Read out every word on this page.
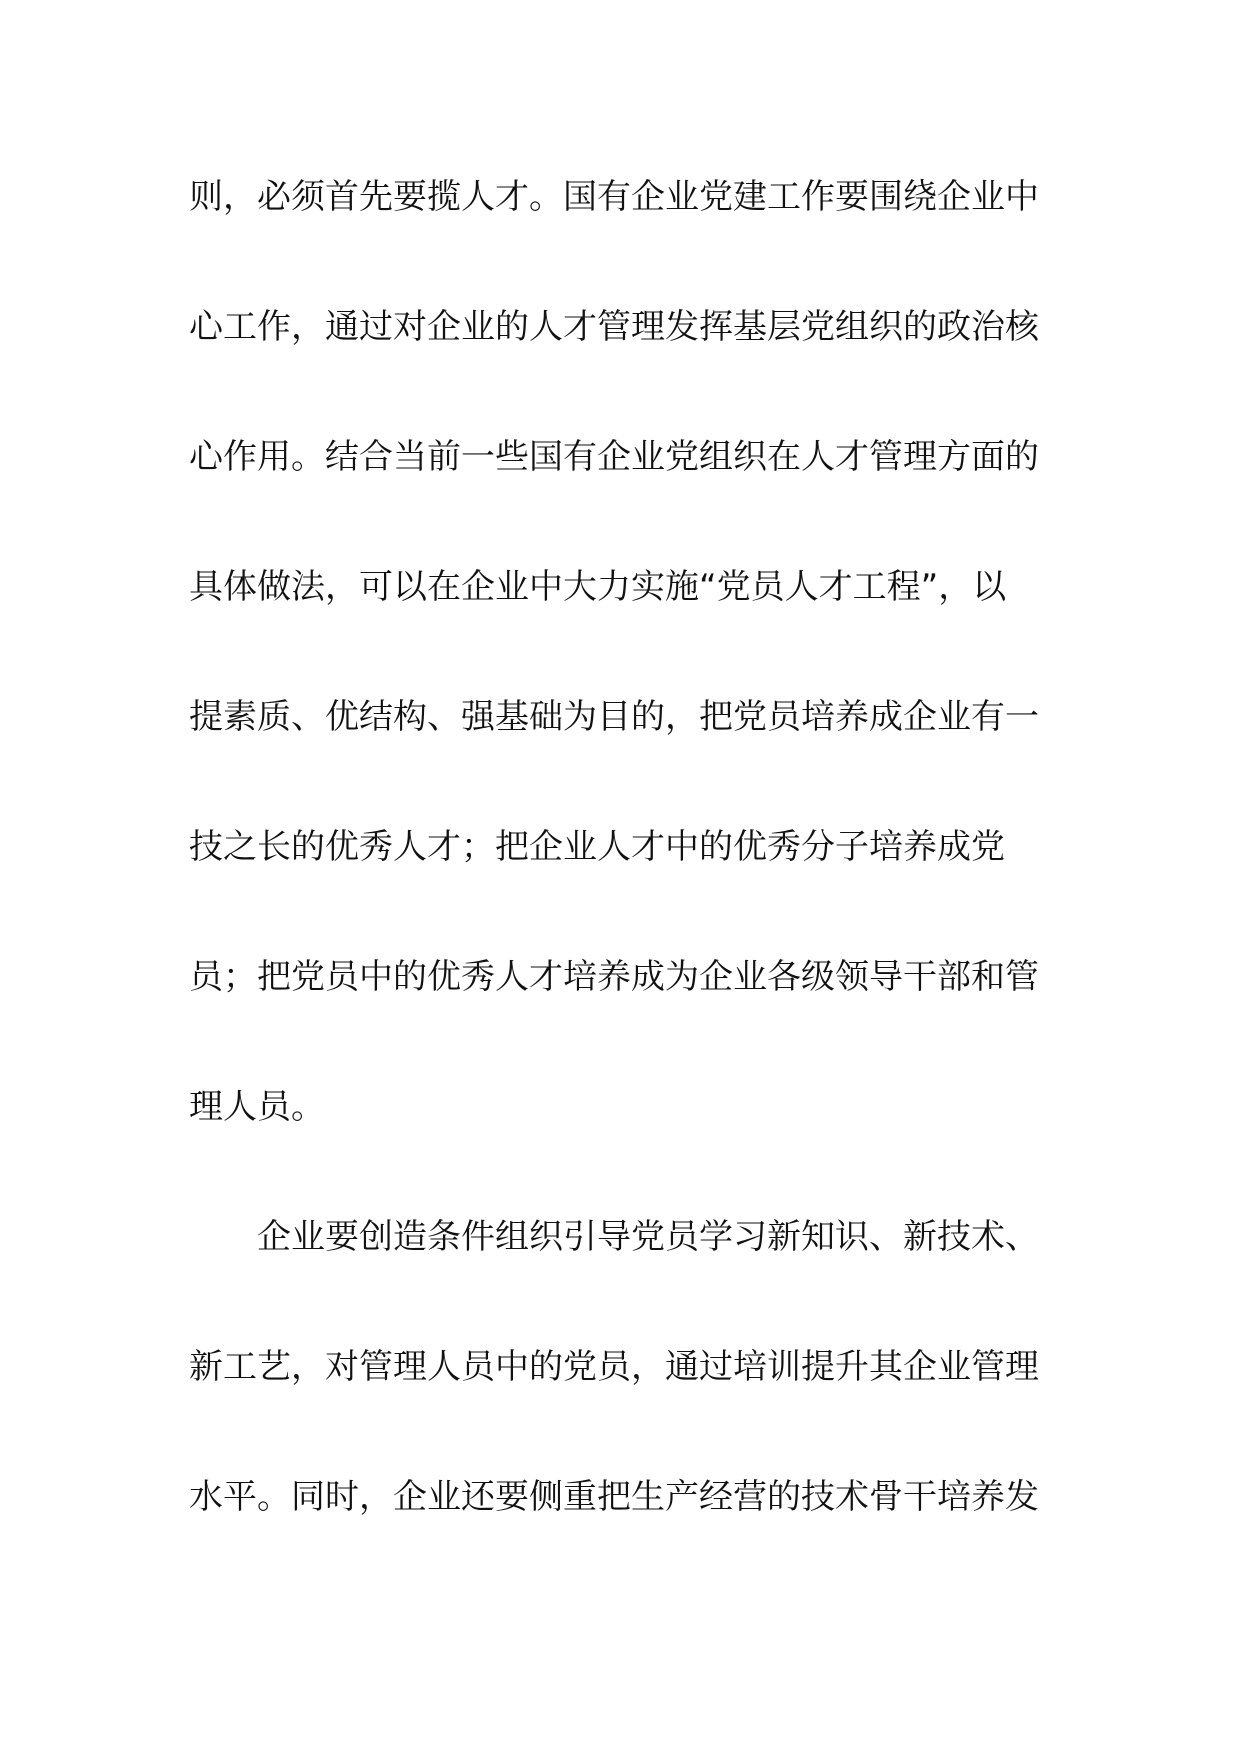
则，必须首先要揽人才。国有企业党建工作要围绕企业中
心工作，通过对企业的人才管理发挥基层党组织的政治核
心作用。结合当前一些国有企业党组织在人才管理方面的
具体做法，可以在企业中大力实施“党员人才工程”，以
提素质、优结构、强基础为目的，把党员培养成企业有一
技之长的优秀人才；把企业人才中的优秀分子培养成党
员；把党员中的优秀人才培养成为企业各级领导干部和管
理人员。
　　企业要创造条件组织引导党员学习新知识、新技术、
新工艺，对管理人员中的党员，通过培训提升其企业管理
水平。同时，企业还要侧重把生产经营的技术骨干培养发
